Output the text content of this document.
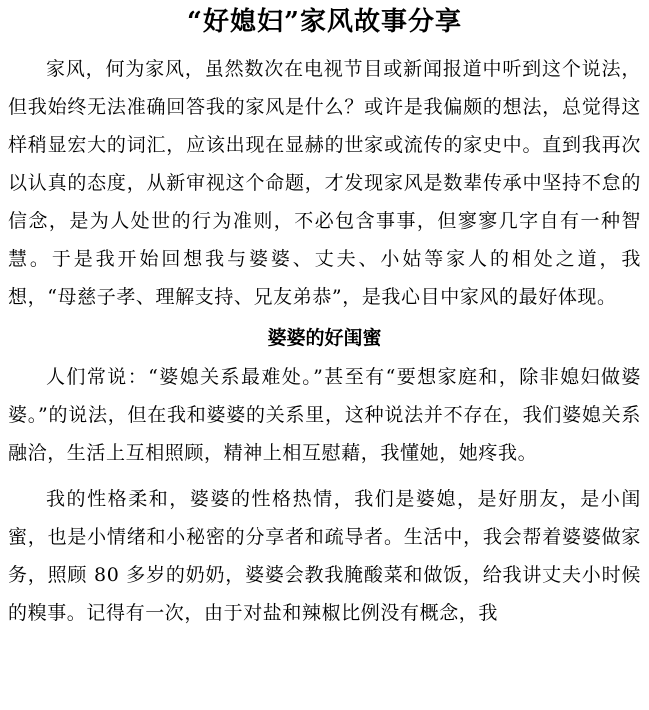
“好媳妇”家风故事分享

家风，何为家风，虽然数次在电视节目或新闻报道中听到这个说法，但我始终无法准确回答我的家风是什么？或许是我偏颇的想法，总觉得这样稍显宏大的词汇，应该出现在显赫的世家或流传的家史中。直到我再次以认真的态度，从新审视这个命题，才发现家风是数辈传承中坚持不怠的信念，是为人处世的行为准则，不必包含事事，但寥寥几字自有一种智慧。于是我开始回想我与婆婆、丈夫、小姑等家人的相处之道，我想，“母慈子孝、理解支持、兄友弟恭”，是我心目中家风的最好体现。

婆婆的好闺蜜

人们常说：“婆媳关系最难处。”甚至有“要想家庭和，除非媳妇做婆婆。”的说法，但在我和婆婆的关系里，这种说法并不存在，我们婆媳关系融洽，生活上互相照顾，精神上相互慰藉，我懂她，她疼我。

我的性格柔和，婆婆的性格热情，我们是婆媳，是好朋友，是小闺蜜，也是小情绪和小秘密的分享者和疏导者。生活中，我会帮着婆婆做家务，照顾 80 多岁的奶奶，婆婆会教我腌酸菜和做饭，给我讲丈夫小时候的糗事。记得有一次，由于对盐和辣椒比例没有概念，我
